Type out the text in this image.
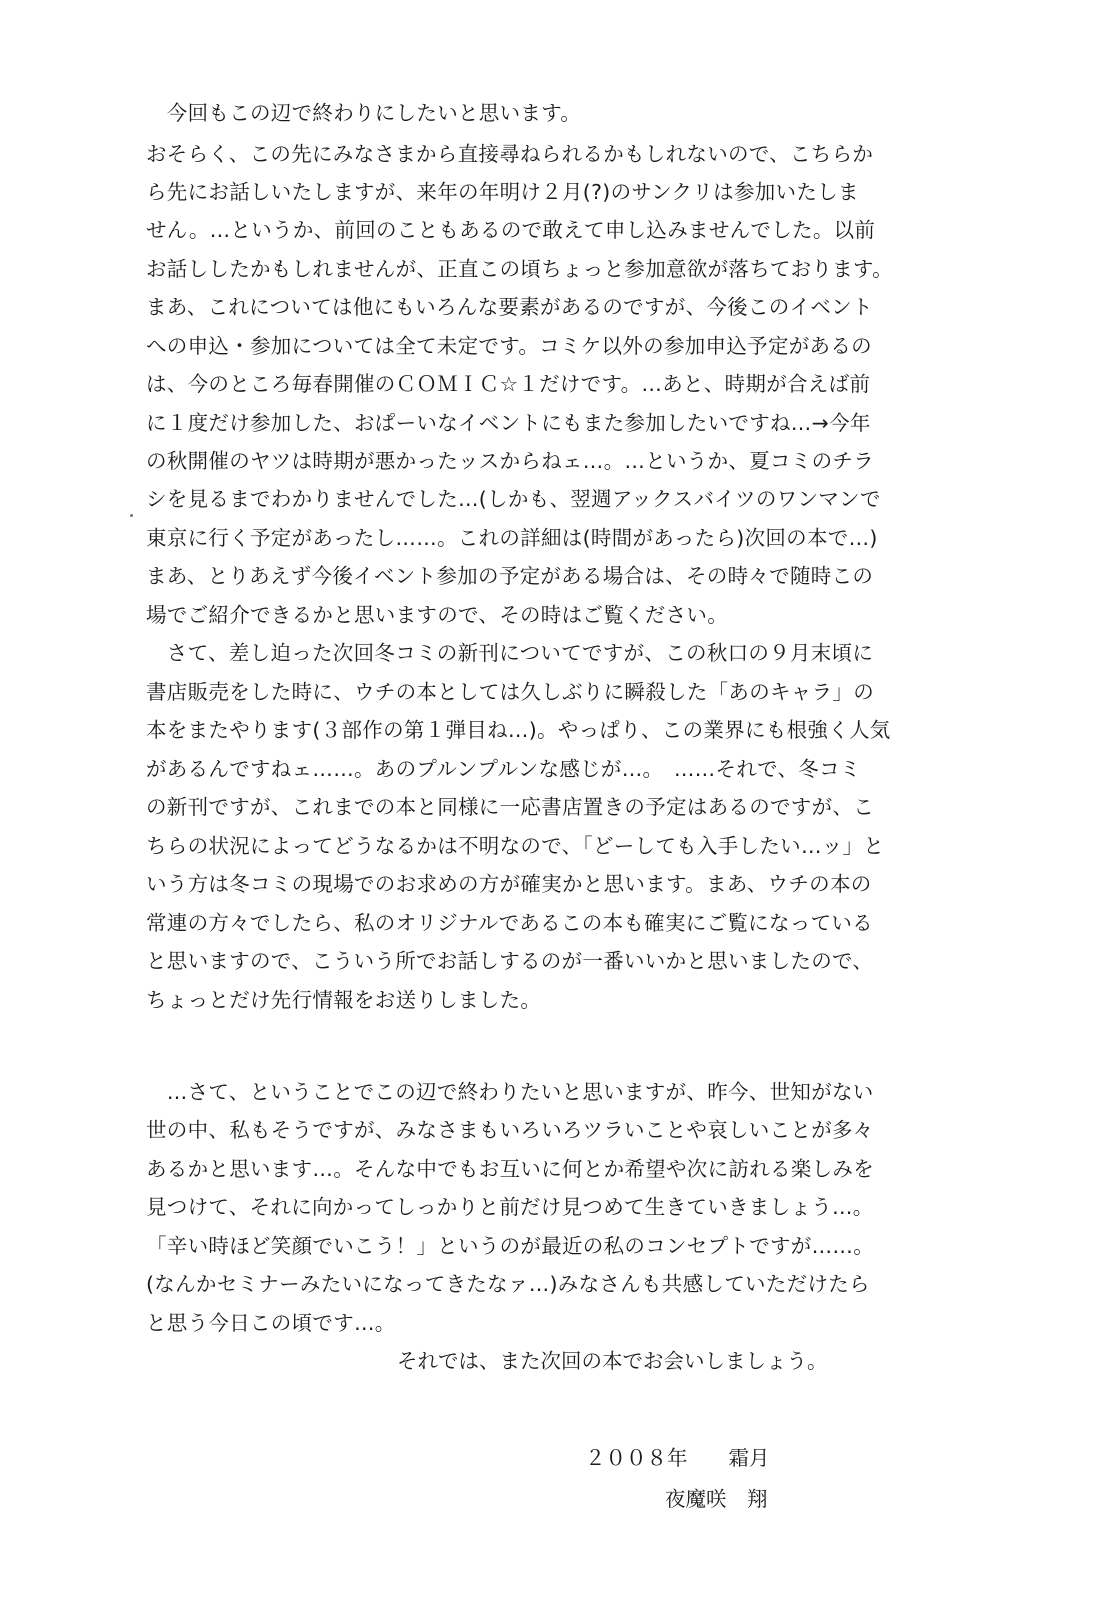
　今回もこの辺で終わりにしたいと思います。
おそらく、この先にみなさまから直接尋ねられるかもしれないので、こちらか
ら先にお話しいたしますが、来年の年明け２月(?)のサンクリは参加いたしま
せん。…というか、前回のこともあるので敢えて申し込みませんでした。以前
お話ししたかもしれませんが、正直この頃ちょっと参加意欲が落ちております。
まあ、これについては他にもいろんな要素があるのですが、今後このイベント
への申込・参加については全て未定です。コミケ以外の参加申込予定があるの
は、今のところ毎春開催のＣＯＭＩＣ☆１だけです。…あと、時期が合えば前
に１度だけ参加した、おぱーいなイベントにもまた参加したいですね…→今年
の秋開催のヤツは時期が悪かったッスからねェ…。…というか、夏コミのチラ
シを見るまでわかりませんでした…(しかも、翌週アックスバイツのワンマンで
東京に行く予定があったし……。これの詳細は(時間があったら)次回の本で…)
まあ、とりあえず今後イベント参加の予定がある場合は、その時々で随時この
場でご紹介できるかと思いますので、その時はご覧ください。
　さて、差し迫った次回冬コミの新刊についてですが、この秋口の９月末頃に
書店販売をした時に、ウチの本としては久しぶりに瞬殺した「あのキャラ」の
本をまたやります(３部作の第１弾目ね…)。やっぱり、この業界にも根強く人気
があるんですねェ……。あのプルンプルンな感じが…。　……それで、冬コミ
の新刊ですが、これまでの本と同様に一応書店置きの予定はあるのですが、こ
ちらの状況によってどうなるかは不明なので、「どーしても入手したい…ッ」と
いう方は冬コミの現場でのお求めの方が確実かと思います。まあ、ウチの本の
常連の方々でしたら、私のオリジナルであるこの本も確実にご覧になっている
と思いますので、こういう所でお話しするのが一番いいかと思いましたので、
ちょっとだけ先行情報をお送りしました。
　…さて、ということでこの辺で終わりたいと思いますが、昨今、世知がない
世の中、私もそうですが、みなさまもいろいろツラいことや哀しいことが多々
あるかと思います…。そんな中でもお互いに何とか希望や次に訪れる楽しみを
見つけて、それに向かってしっかりと前だけ見つめて生きていきましょう…。
「辛い時ほど笑顔でいこう！」というのが最近の私のコンセプトですが……。
(なんかセミナーみたいになってきたなァ…)みなさんも共感していただけたら
と思う今日この頃です…。
それでは、また次回の本でお会いしましょう。
２００８年　　霜月
夜魔咲　翔
